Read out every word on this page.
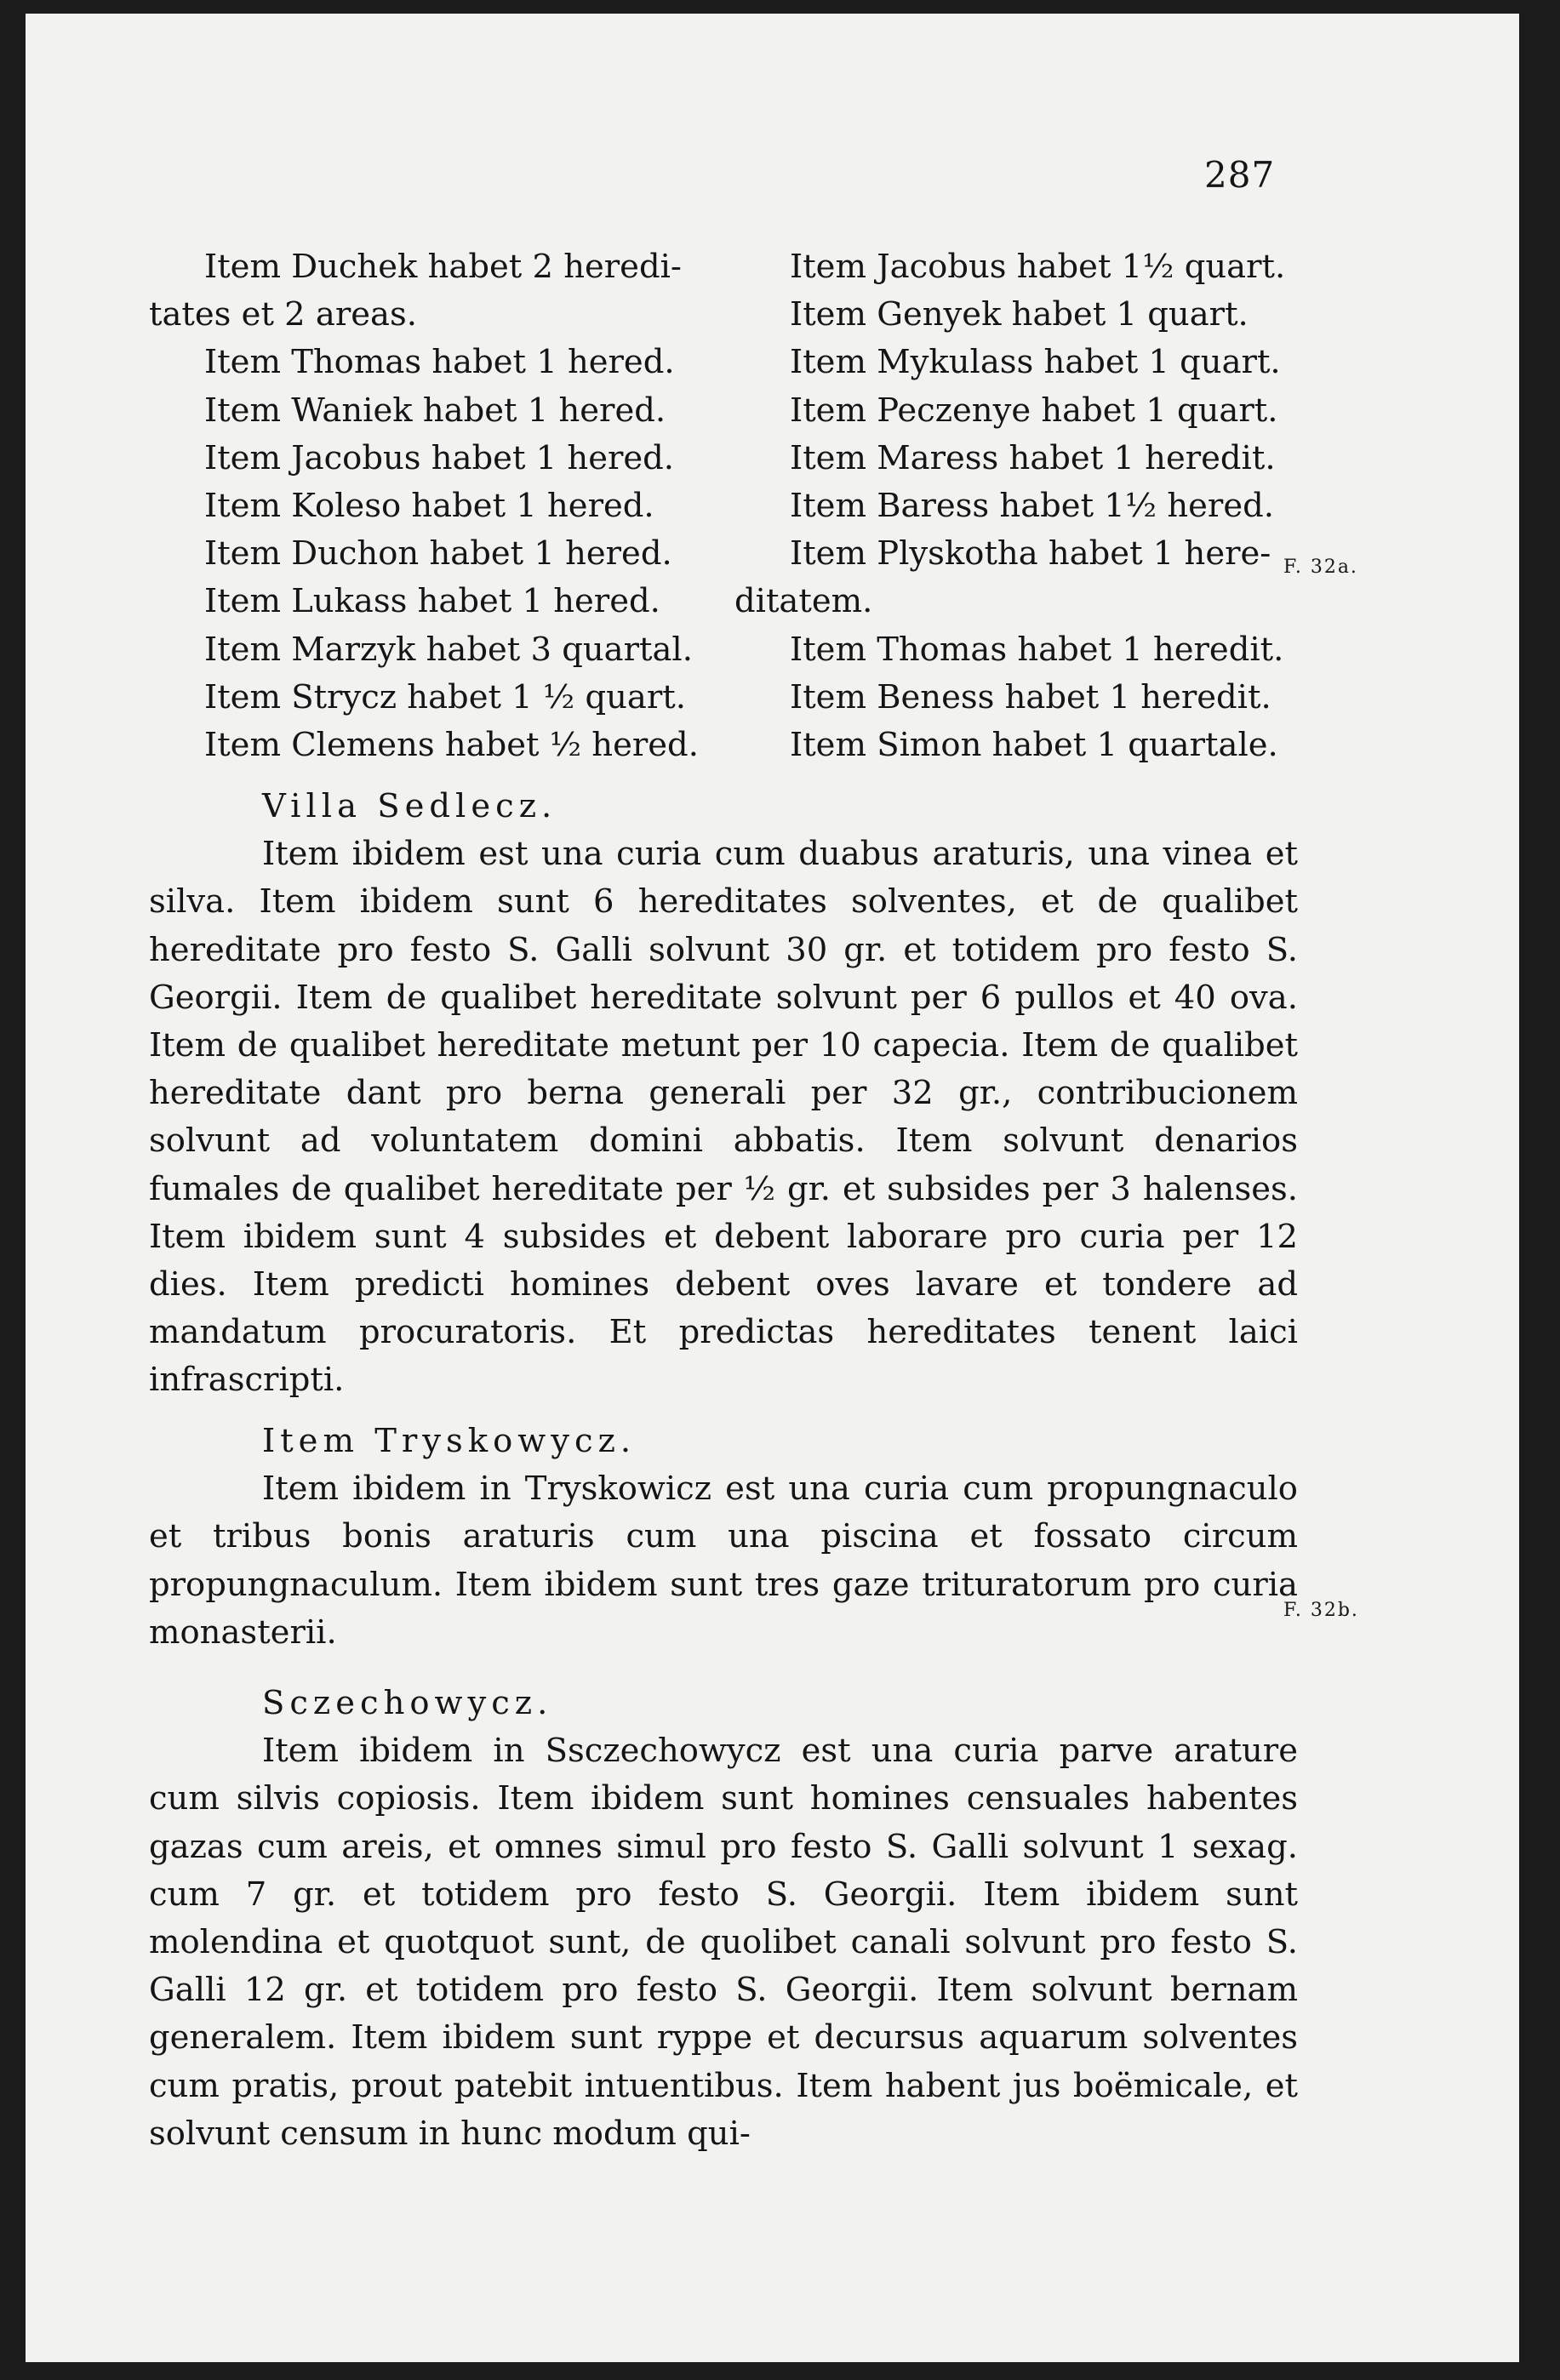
287
Item Duchek habet 2 heredi-
tates et 2 areas.
Item Thomas habet 1 hered.
Item Waniek habet 1 hered.
Item Jacobus habet 1 hered.
Item Koleso habet 1 hered.
Item Duchon habet 1 hered.
Item Lukass habet 1 hered.
Item Marzyk habet 3 quartal.
Item Strycz habet 1 ½ quart.
Item Clemens habet ½ hered.
Item Jacobus habet 1½ quart.
Item Genyek habet 1 quart.
Item Mykulass habet 1 quart.
Item Peczenye habet 1 quart.
Item Maress habet 1 heredit.
Item Baress habet 1½ hered.
Item Plyskotha habet 1 here-
ditatem.
Item Thomas habet 1 heredit.
Item Beness habet 1 heredit.
Item Simon habet 1 quartale.
F. 32a.
Villa Sedlecz.
Item ibidem est una curia cum duabus araturis, una vinea et silva. Item ibidem sunt 6 hereditates solventes, et de qualibet hereditate pro festo S. Galli solvunt 30 gr. et totidem pro festo S. Georgii. Item de qualibet hereditate solvunt per 6 pullos et 40 ova. Item de qualibet hereditate metunt per 10 capecia. Item de qualibet hereditate dant pro berna generali per 32 gr., contribucionem solvunt ad voluntatem domini abbatis. Item solvunt denarios fumales de qualibet hereditate per ½ gr. et subsides per 3 halenses. Item ibidem sunt 4 subsides et debent laborare pro curia per 12 dies. Item predicti homines debent oves lavare et tondere ad mandatum procuratoris. Et predictas hereditates tenent laici infrascripti.
Item Tryskowycz.
Item ibidem in Tryskowicz est una curia cum propungnaculo et tribus bonis araturis cum una piscina et fossato circum propungnaculum. Item ibidem sunt tres gaze trituratorum pro curia monasterii.
F. 32b.
Sczechowycz.
Item ibidem in Ssczechowycz est una curia parve arature cum silvis copiosis. Item ibidem sunt homines censuales habentes gazas cum areis, et omnes simul pro festo S. Galli solvunt 1 sexag. cum 7 gr. et totidem pro festo S. Georgii. Item ibidem sunt molendina et quotquot sunt, de quolibet canali solvunt pro festo S. Galli 12 gr. et totidem pro festo S. Georgii. Item solvunt bernam generalem. Item ibidem sunt ryppe et decursus aquarum solventes cum pratis, prout patebit intuentibus. Item habent jus boëmicale, et solvunt censum in hunc modum qui-
